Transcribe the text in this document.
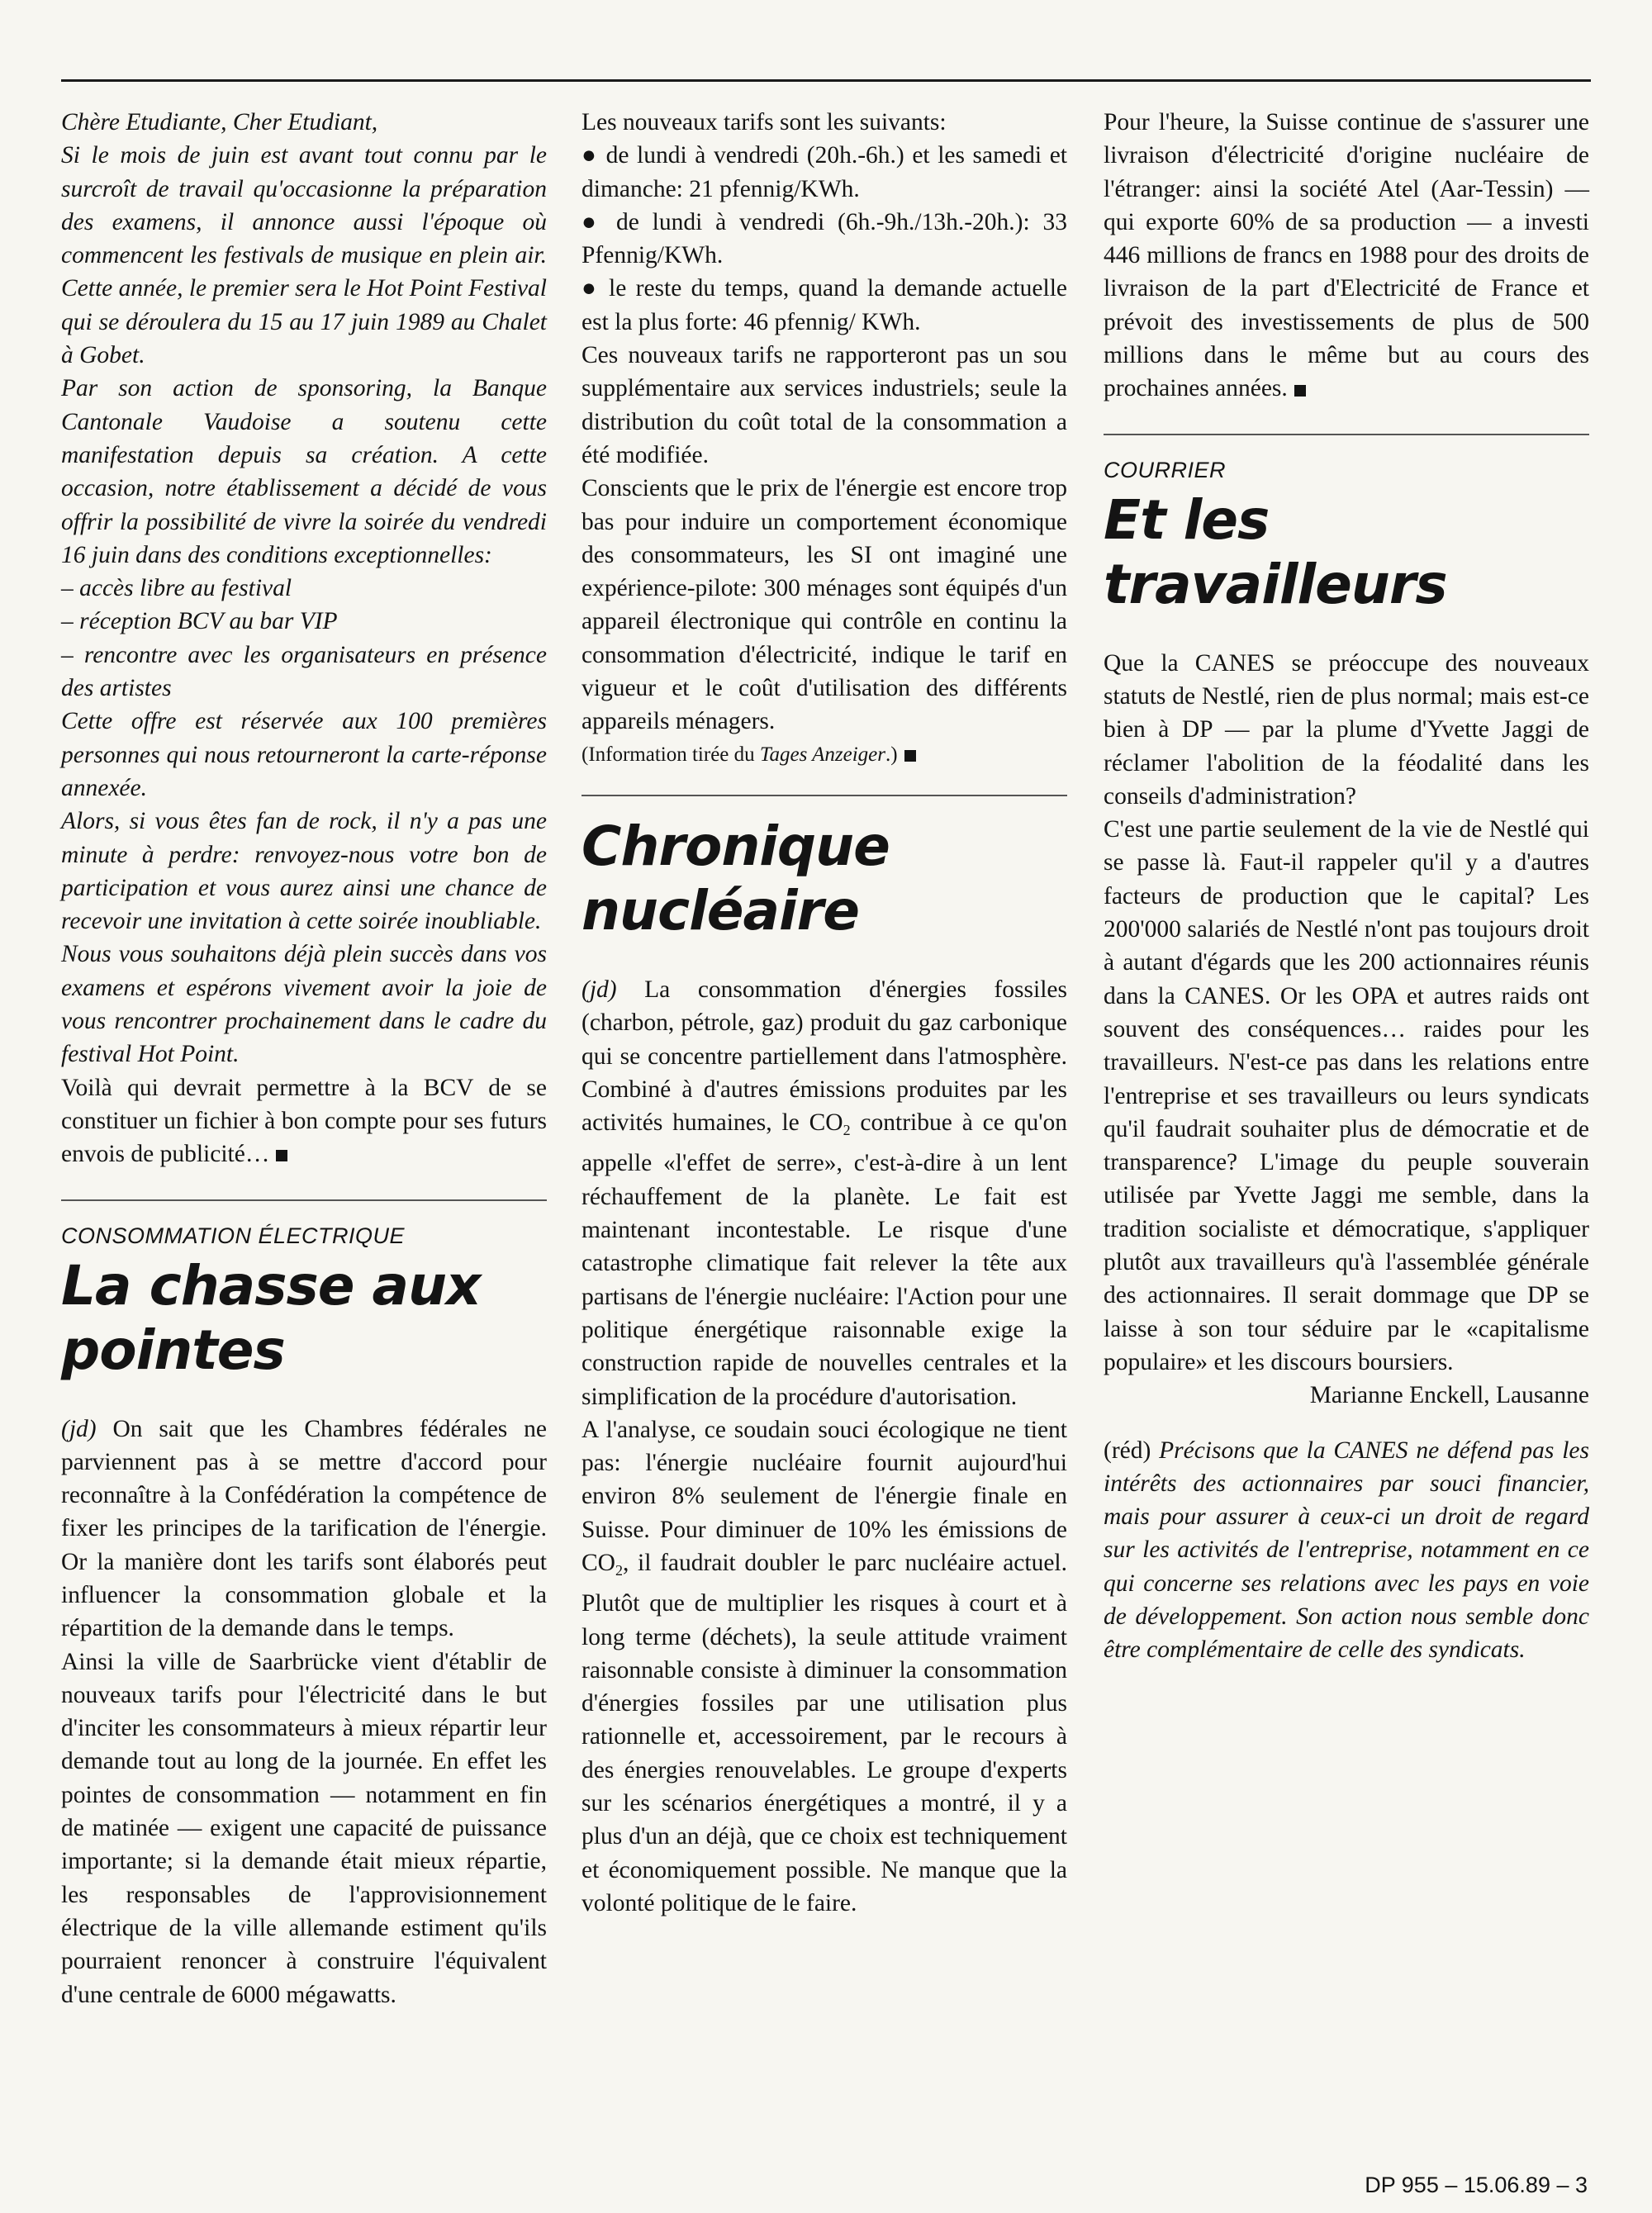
Chère Etudiante, Cher Etudiant,

Si le mois de juin est avant tout connu par le surcroît de travail qu'occasionne la préparation des examens, il annonce aussi l'époque où commencent les festivals de musique en plein air. Cette année, le premier sera le Hot Point Festival qui se déroulera du 15 au 17 juin 1989 au Chalet à Gobet.

Par son action de sponsoring, la Banque Cantonale Vaudoise a soutenu cette manifestation depuis sa création. A cette occasion, notre établissement a décidé de vous offrir la possibilité de vivre la soirée du vendredi 16 juin dans des conditions exceptionnelles:

– accès libre au festival

– réception BCV au bar VIP

– rencontre avec les organisateurs en présence des artistes

Cette offre est réservée aux 100 premières personnes qui nous retourneront la carte-réponse annexée.

Alors, si vous êtes fan de rock, il n'y a pas une minute à perdre: renvoyez-nous votre bon de participation et vous aurez ainsi une chance de recevoir une invitation à cette soirée inoubliable.

Nous vous souhaitons déjà plein succès dans vos examens et espérons vivement avoir la joie de vous rencontrer prochainement dans le cadre du festival Hot Point.

Voilà qui devrait permettre à la BCV de se constituer un fichier à bon compte pour ses futurs envois de publicité…

CONSOMMATION ÉLECTRIQUE
La chasse aux pointes

(jd) On sait que les Chambres fédérales ne parviennent pas à se mettre d'accord pour reconnaître à la Confédération la compétence de fixer les principes de la tarification de l'énergie. Or la manière dont les tarifs sont élaborés peut influencer la consommation globale et la répartition de la demande dans le temps.

Ainsi la ville de Saarbrücke vient d'établir de nouveaux tarifs pour l'électricité dans le but d'inciter les consommateurs à mieux répartir leur demande tout au long de la journée. En effet les pointes de consommation — notamment en fin de matinée — exigent une capacité de puissance importante; si la demande était mieux répartie, les responsables de l'approvisionnement électrique de la ville allemande estiment qu'ils pourraient renoncer à construire l'équivalent d'une centrale de 6000 mégawatts.

Les nouveaux tarifs sont les suivants:

● de lundi à vendredi (20h.-6h.) et les samedi et dimanche: 21 pfennig/KWh.

● de lundi à vendredi (6h.-9h./13h.-20h.): 33 Pfennig/KWh.

● le reste du temps, quand la demande actuelle est la plus forte: 46 pfennig/ KWh.

Ces nouveaux tarifs ne rapporteront pas un sou supplémentaire aux services industriels; seule la distribution du coût total de la consommation a été modifiée.

Conscients que le prix de l'énergie est encore trop bas pour induire un comportement économique des consommateurs, les SI ont imaginé une expérience-pilote: 300 ménages sont équipés d'un appareil électronique qui contrôle en continu la consommation d'électricité, indique le tarif en vigueur et le coût d'utilisation des différents appareils ménagers.

(Information tirée du Tages Anzeiger.)

Chronique nucléaire

(jd) La consommation d'énergies fossiles (charbon, pétrole, gaz) produit du gaz carbonique qui se concentre partiellement dans l'atmosphère. Combiné à d'autres émissions produites par les activités humaines, le $CO_2$ contribue à ce qu'on appelle «l'effet de serre», c'est-à-dire à un lent réchauffement de la planète. Le fait est maintenant incontestable. Le risque d'une catastrophe climatique fait relever la tête aux partisans de l'énergie nucléaire: l'Action pour une politique énergétique raisonnable exige la construction rapide de nouvelles centrales et la simplification de la procédure d'autorisation.

A l'analyse, ce soudain souci écologique ne tient pas: l'énergie nucléaire fournit aujourd'hui environ 8% seulement de l'énergie finale en Suisse. Pour diminuer de 10% les émissions de $CO_2$, il faudrait doubler le parc nucléaire actuel. Plutôt que de multiplier les risques à court et à long terme (déchets), la seule attitude vraiment raisonnable consiste à diminuer la consommation d'énergies fossiles par une utilisation plus rationnelle et, accessoirement, par le recours à des énergies renouvelables. Le groupe d'experts sur les scénarios énergétiques a montré, il y a plus d'un an déjà, que ce choix est techniquement et économiquement possible. Ne manque que la volonté politique de le faire.

Pour l'heure, la Suisse continue de s'assurer une livraison d'électricité d'origine nucléaire de l'étranger: ainsi la société Atel (Aar-Tessin) — qui exporte 60% de sa production — a investi 446 millions de francs en 1988 pour des droits de livraison de la part d'Electricité de France et prévoit des investissements de plus de 500 millions dans le même but au cours des prochaines années.

COURRIER
Et les travailleurs

Que la CANES se préoccupe des nouveaux statuts de Nestlé, rien de plus normal; mais est-ce bien à DP — par la plume d'Yvette Jaggi de réclamer l'abolition de la féodalité dans les conseils d'administration?

C'est une partie seulement de la vie de Nestlé qui se passe là. Faut-il rappeler qu'il y a d'autres facteurs de production que le capital? Les 200'000 salariés de Nestlé n'ont pas toujours droit à autant d'égards que les 200 actionnaires réunis dans la CANES. Or les OPA et autres raids ont souvent des conséquences… raides pour les travailleurs. N'est-ce pas dans les relations entre l'entreprise et ses travailleurs ou leurs syndicats qu'il faudrait souhaiter plus de démocratie et de transparence? L'image du peuple souverain utilisée par Yvette Jaggi me semble, dans la tradition socialiste et démocratique, s'appliquer plutôt aux travailleurs qu'à l'assemblée générale des actionnaires. Il serait dommage que DP se laisse à son tour séduire par le «capitalisme populaire» et les discours boursiers.

Marianne Enckell, Lausanne

(réd) Précisons que la CANES ne défend pas les intérêts des actionnaires par souci financier, mais pour assurer à ceux-ci un droit de regard sur les activités de l'entreprise, notamment en ce qui concerne ses relations avec les pays en voie de développement. Son action nous semble donc être complémentaire de celle des syndicats.

DP 955 – 15.06.89 – 3
